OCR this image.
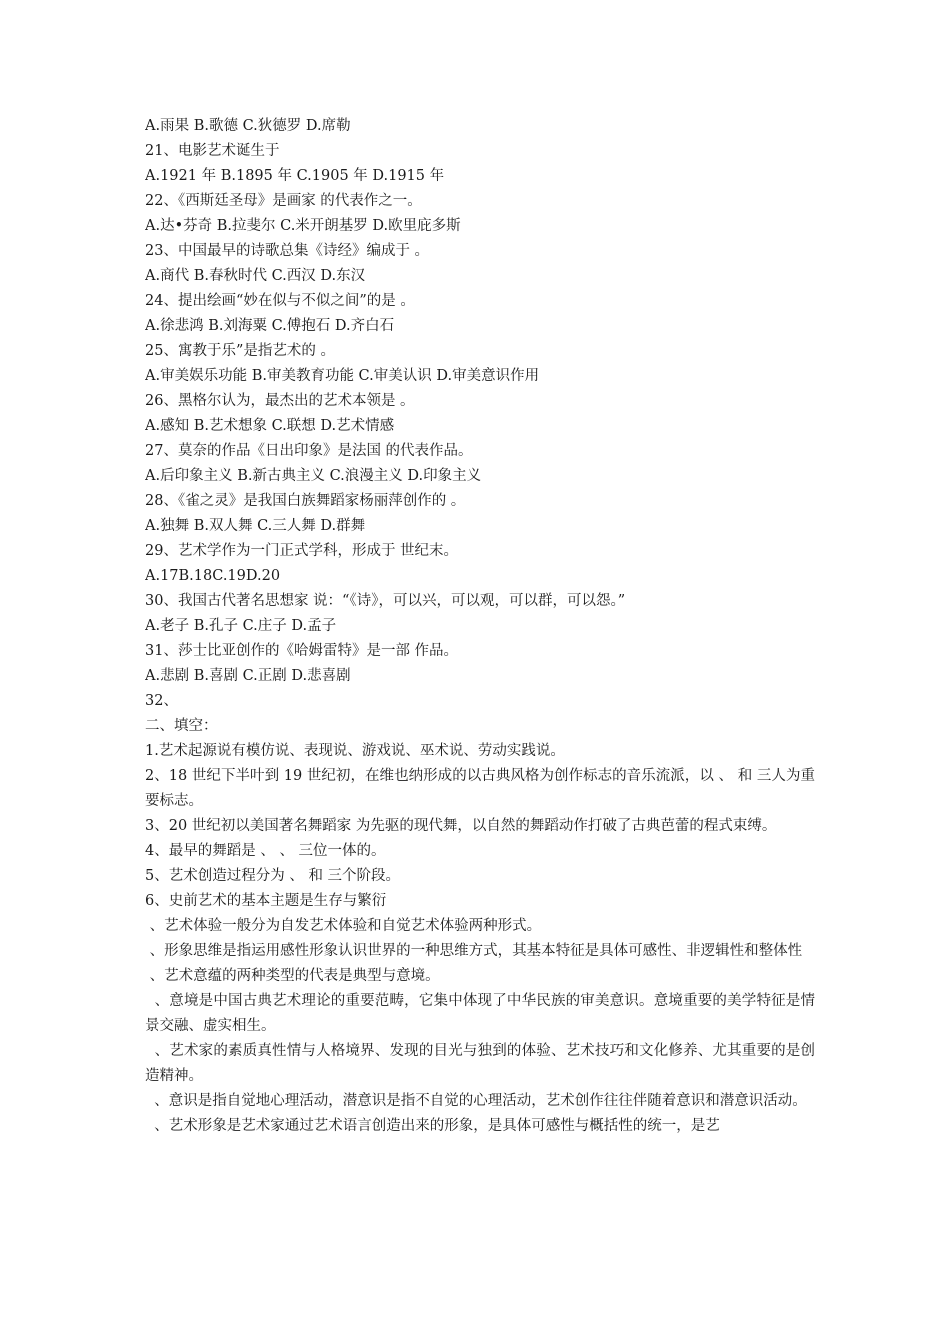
A.雨果 B.歌德 C.狄德罗 D.席勒
21、电影艺术诞生于
A.1921 年 B.1895 年 C.1905 年 D.1915 年
22、《西斯廷圣母》是画家 的代表作之一。
A.达•芬奇 B.拉斐尔 C.米开朗基罗 D.欧里庇多斯
23、中国最早的诗歌总集《诗经》编成于 。
A.商代 B.春秋时代 C.西汉 D.东汉
24、提出绘画“妙在似与不似之间”的是 。
A.徐悲鸿 B.刘海粟 C.傅抱石 D.齐白石
25、寓教于乐”是指艺术的 。
A.审美娱乐功能 B.审美教育功能 C.审美认识 D.审美意识作用
26、黑格尔认为，最杰出的艺术本领是 。
A.感知 B.艺术想象 C.联想 D.艺术情感
27、莫奈的作品《日出印象》是法国 的代表作品。
A.后印象主义 B.新古典主义 C.浪漫主义 D.印象主义
28、《雀之灵》是我国白族舞蹈家杨丽萍创作的 。
A.独舞 B.双人舞 C.三人舞 D.群舞
29、艺术学作为一门正式学科，形成于 世纪末。
A.17B.18C.19D.20
30、我国古代著名思想家 说：“《诗》，可以兴，可以观，可以群，可以怨。”
A.老子 B.孔子 C.庄子 D.孟子
31、莎士比亚创作的《哈姆雷特》是一部 作品。
A.悲剧 B.喜剧 C.正剧 D.悲喜剧
32、
二、填空：
1.艺术起源说有模仿说、表现说、游戏说、巫术说、劳动实践说。
2、18 世纪下半叶到 19 世纪初，在维也纳形成的以古典风格为创作标志的音乐流派，以 、 和 三人为重要标志。
3、20 世纪初以美国著名舞蹈家 为先驱的现代舞，以自然的舞蹈动作打破了古典芭蕾的程式束缚。
4、最早的舞蹈是 、 、 三位一体的。
5、艺术创造过程分为 、 和 三个阶段。
6、史前艺术的基本主题是生存与繁衍
、艺术体验一般分为自发艺术体验和自觉艺术体验两种形式。
、形象思维是指运用感性形象认识世界的一种思维方式，其基本特征是具体可感性、非逻辑性和整体性
、艺术意蕴的两种类型的代表是典型与意境。
、意境是中国古典艺术理论的重要范畴，它集中体现了中华民族的审美意识。意境重要的美学特征是情景交融、虚实相生。
、艺术家的素质真性情与人格境界、发现的目光与独到的体验、艺术技巧和文化修养、尤其重要的是创造精神。
、意识是指自觉地心理活动，潜意识是指不自觉的心理活动，艺术创作往往伴随着意识和潜意识活动。
、艺术形象是艺术家通过艺术语言创造出来的形象，是具体可感性与概括性的统一，是艺
